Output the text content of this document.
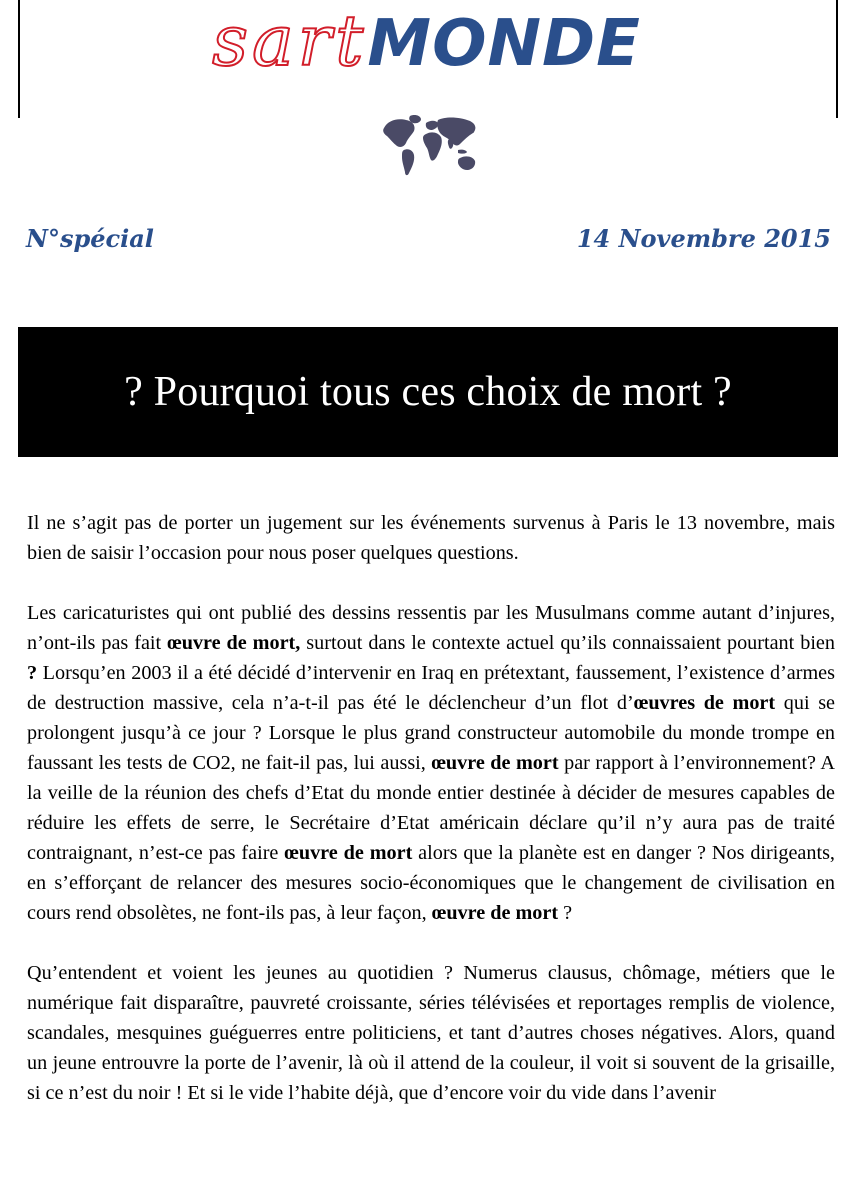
sartMONDE
N°spécial	14 Novembre 2015
? Pourquoi tous ces choix de mort ?

Il ne s’agit pas de porter un jugement sur les événements survenus à Paris le 13 novembre, mais bien de saisir l’occasion pour nous poser quelques questions.

Les caricaturistes qui ont publié des dessins ressentis par les Musulmans comme autant d’injures, n’ont-ils pas fait œuvre de mort, surtout dans le contexte actuel qu’ils connaissaient pourtant bien ? Lorsqu’en 2003 il a été décidé d’intervenir en Iraq en prétextant, faussement, l’existence d’armes de destruction massive, cela n’a-t-il pas été le déclencheur d’un flot d’œuvres de mort qui se prolongent jusqu’à ce jour ? Lorsque le plus grand constructeur automobile du monde trompe en faussant les tests de CO2, ne fait-il pas, lui aussi, œuvre de mort par rapport à l’environnement? A la veille de la réunion des chefs d’Etat du monde entier destinée à décider de mesures capables de réduire les effets de serre, le Secrétaire d’Etat américain déclare qu’il n’y aura pas de traité contraignant, n’est-ce pas faire œuvre de mort alors que la planète est en danger ? Nos dirigeants, en s’efforçant de relancer des mesures socio-économiques que le changement de civilisation en cours rend obsolètes, ne font-ils pas, à leur façon, œuvre de mort ?

Qu’entendent et voient les jeunes au quotidien ? Numerus clausus, chômage, métiers que le numérique fait disparaître, pauvreté croissante, séries télévisées et reportages remplis de violence, scandales, mesquines guéguerres entre politiciens, et tant d’autres choses négatives. Alors, quand un jeune entrouvre la porte de l’avenir, là où il attend de la couleur, il voit si souvent de la grisaille, si ce n’est du noir ! Et si le vide l’habite déjà, que d’encore voir du vide dans l’avenir
